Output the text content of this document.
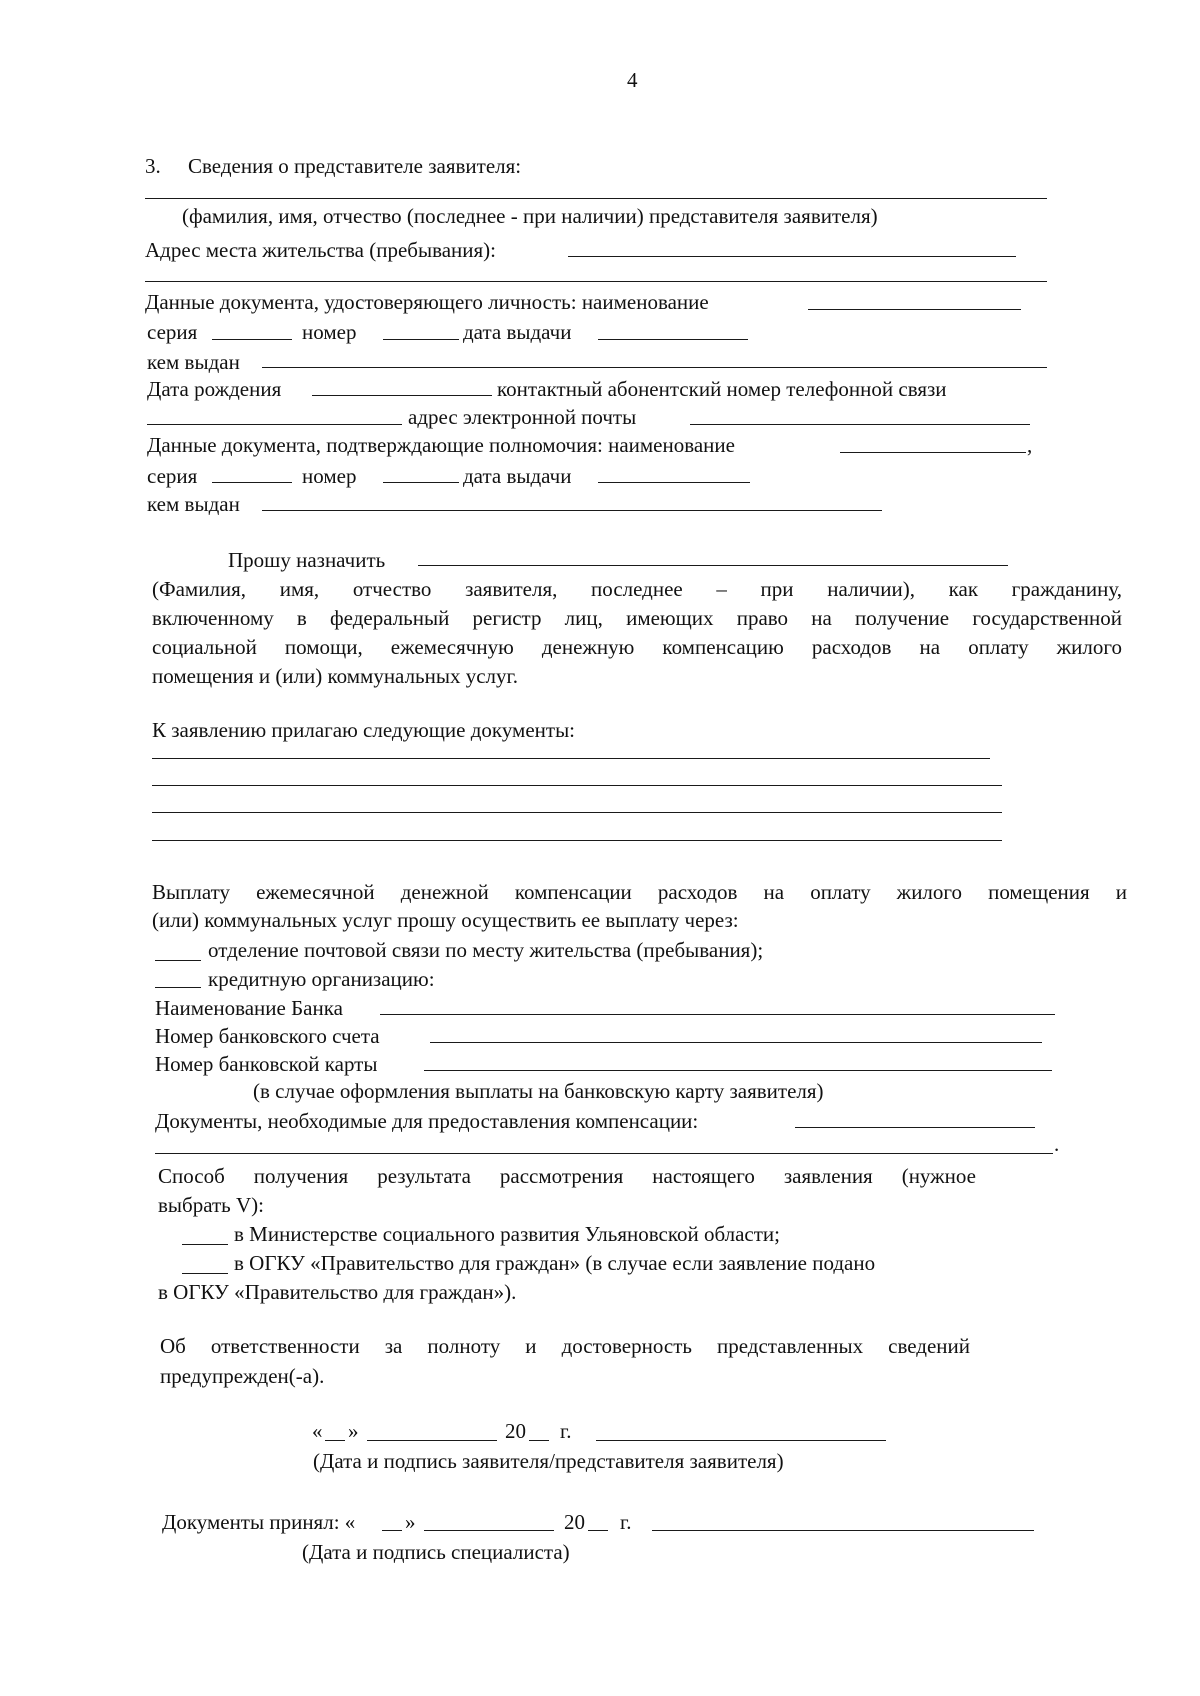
4
3. Сведения о представителе заявителя:
(фамилия, имя, отчество (последнее - при наличии) представителя заявителя)
Адрес места жительства (пребывания):
Данные документа, удостоверяющего личность: наименование
серия	номер	дата выдачи
кем выдан
Дата рождения	контактный абонентский номер телефонной связи
адрес электронной почты
Данные документа, подтверждающие полномочия: наименование	,
серия	номер	дата выдачи
кем выдан
Прошу назначить
(Фамилия, имя, отчество заявителя, последнее – при наличии), как гражданину,
включенному в федеральный регистр лиц, имеющих право на получение государственной
социальной помощи, ежемесячную денежную компенсацию расходов на оплату жилого
помещения и (или) коммунальных услуг.
К заявлению прилагаю следующие документы:
Выплату ежемесячной денежной компенсации расходов на оплату жилого помещения и
(или) коммунальных услуг прошу осуществить ее выплату через:
отделение почтовой связи по месту жительства (пребывания);
кредитную организацию:
Наименование Банка
Номер банковского счета
Номер банковской карты
(в случае оформления выплаты на банковскую карту заявителя)
Документы, необходимые для предоставления компенсации:
.
Способ получения результата рассмотрения настоящего заявления (нужное
выбрать V):
в Министерстве социального развития Ульяновской области;
в ОГКУ «Правительство для граждан» (в случае если заявление подано
в ОГКУ «Правительство для граждан»).
Об ответственности за полноту и достоверность представленных сведений
предупрежден(-а).
« »	20 г.
(Дата и подпись заявителя/представителя заявителя)
Документы принял: « »	20 г.
(Дата и подпись специалиста)
